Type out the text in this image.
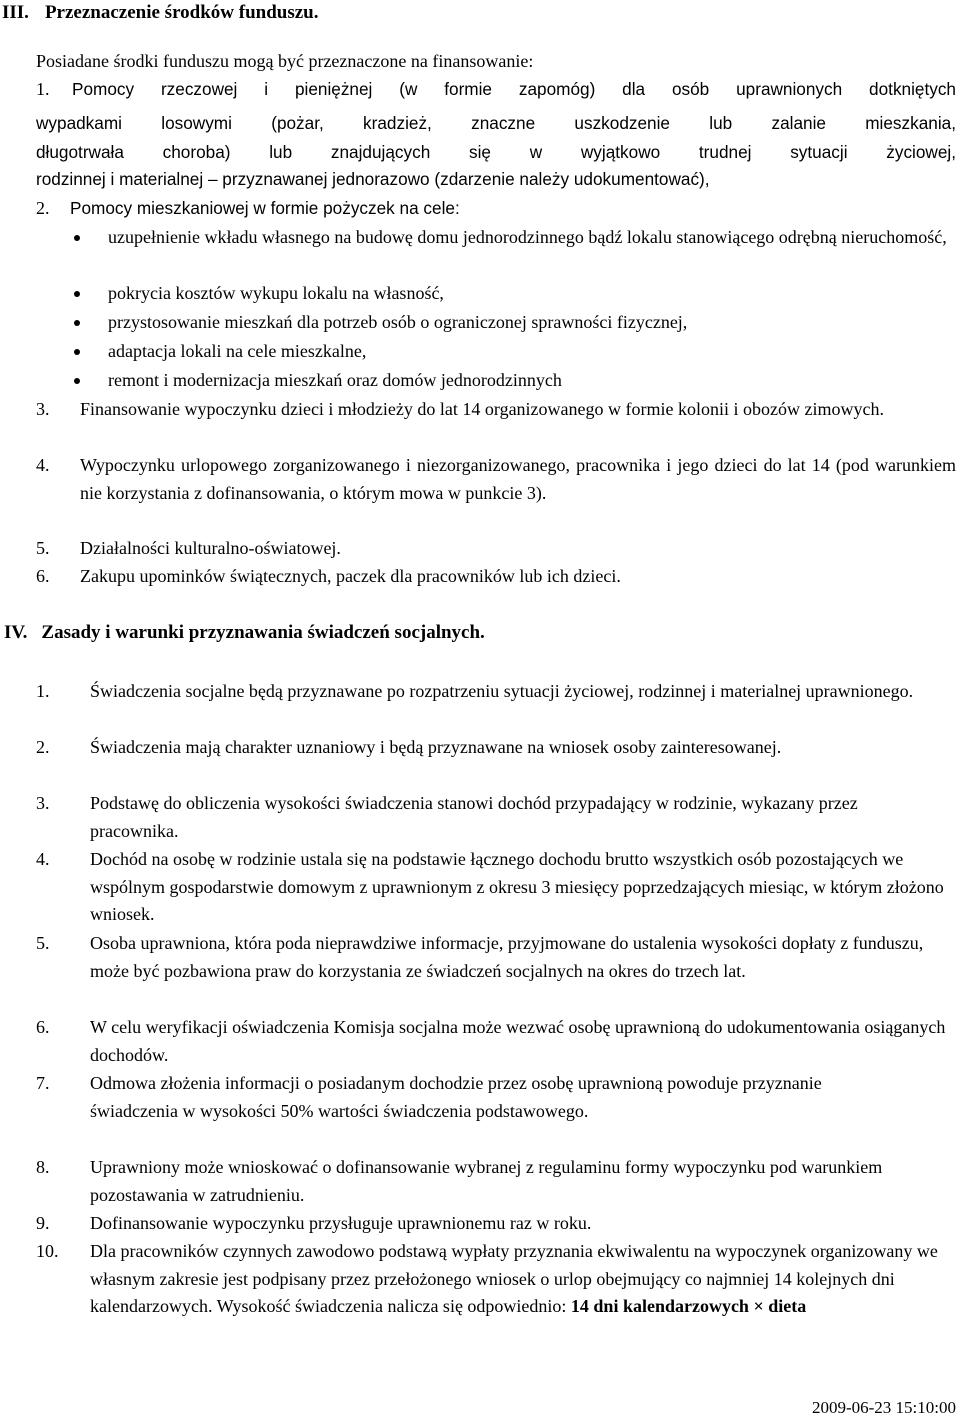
III. Przeznaczenie środków funduszu.
Posiadane środki funduszu mogą być przeznaczone na finansowanie:
1. Pomocy rzeczowej i pieniężnej (w formie zapomóg) dla osób uprawnionych dotkniętych
wypadkami losowymi (pożar, kradzież, znaczne uszkodzenie lub zalanie mieszkania,
długotrwała choroba) lub znajdujących się w wyjątkowo trudnej sytuacji życiowej,
rodzinnej i materialnej – przyznawanej jednorazowo (zdarzenie należy udokumentować),
2. Pomocy mieszkaniowej w formie pożyczek na cele:
uzupełnienie wkładu własnego na budowę domu jednorodzinnego bądź lokalu stanowiącego odrębną nieruchomość,
pokrycia kosztów wykupu lokalu na własność,
przystosowanie mieszkań dla potrzeb osób o ograniczonej sprawności fizycznej,
adaptacja lokali na cele mieszkalne,
remont i modernizacja mieszkań oraz domów jednorodzinnych
3. Finansowanie wypoczynku dzieci i młodzieży do lat 14 organizowanego w formie kolonii i obozów zimowych.
4. Wypoczynku urlopowego zorganizowanego i niezorganizowanego, pracownika i jego dzieci do lat 14 (pod warunkiem nie korzystania z dofinansowania, o którym mowa w punkcie 3).
5. Działalności kulturalno-oświatowej.
6. Zakupu upominków świątecznych, paczek dla pracowników lub ich dzieci.
IV. Zasady i warunki przyznawania świadczeń socjalnych.
1. Świadczenia socjalne będą przyznawane po rozpatrzeniu sytuacji życiowej, rodzinnej i materialnej uprawnionego.
2. Świadczenia mają charakter uznaniowy i będą przyznawane na wniosek osoby zainteresowanej.
3. Podstawę do obliczenia wysokości świadczenia stanowi dochód przypadający w rodzinie, wykazany przez pracownika.
4. Dochód na osobę w rodzinie ustala się na podstawie łącznego dochodu brutto wszystkich osób pozostających we wspólnym gospodarstwie domowym z uprawnionym z okresu 3 miesięcy poprzedzających miesiąc, w którym złożono wniosek.
5. Osoba uprawniona, która poda nieprawdziwe informacje, przyjmowane do ustalenia wysokości dopłaty z funduszu, może być pozbawiona praw do korzystania ze świadczeń socjalnych na okres do trzech lat.
6. W celu weryfikacji oświadczenia Komisja socjalna może wezwać osobę uprawnioną do udokumentowania osiąganych dochodów.
7. Odmowa złożenia informacji o posiadanym dochodzie przez osobę uprawnioną powoduje przyznanie świadczenia w wysokości 50% wartości świadczenia podstawowego.
8. Uprawniony może wnioskować o dofinansowanie wybranej z regulaminu formy wypoczynku pod warunkiem pozostawania w zatrudnieniu.
9. Dofinansowanie wypoczynku przysługuje uprawnionemu raz w roku.
10. Dla pracowników czynnych zawodowo podstawą wypłaty przyznania ekwiwalentu na wypoczynek organizowany we własnym zakresie jest podpisany przez przełożonego wniosek o urlop obejmujący co najmniej 14 kolejnych dni kalendarzowych. Wysokość świadczenia nalicza się odpowiednio: 14 dni kalendarzowych × dieta
2009-06-23 15:10:00
